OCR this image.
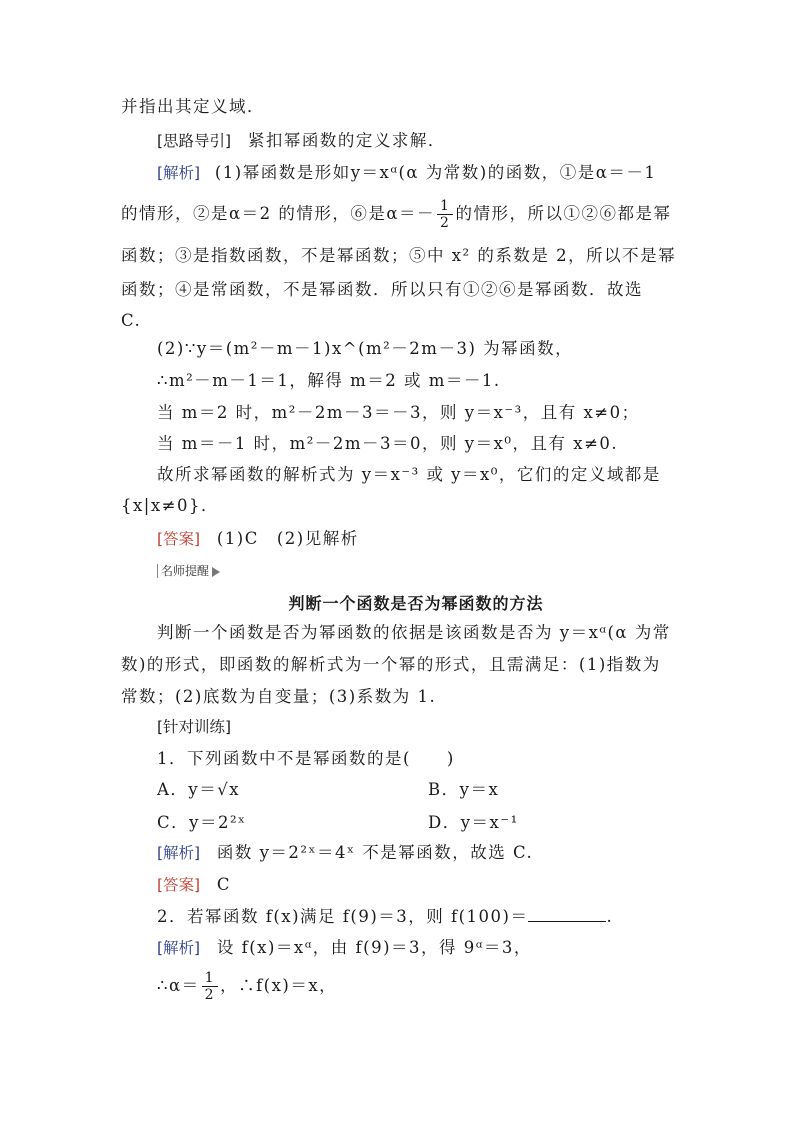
并指出其定义域．
[思路导引] 紧扣幂函数的定义求解．
[解析] (1)幂函数是形如y＝xᵅ(α 为常数)的函数，①是α＝－1
的情形，②是α＝2 的情形，⑥是$\alpha=- \frac{1}{2}$ 的情形，所以①②⑥都是幂
函数；③是指数函数，不是幂函数；⑤中 x² 的系数是 2，所以不是幂
函数；④是常函数，不是幂函数．所以只有①②⑥是幂函数．故选
C.
(2)∵y＝(m²－m－1)x^(m²－2m－3) 为幂函数，
∴m²－m－1＝1，解得 m＝2 或 m＝－1.
当 m＝2 时，m²－2m－3＝－3，则 y＝x⁻³，且有 x≠0；
当 m＝－1 时，m²－2m－3＝0，则 y＝x⁰，且有 x≠0.
故所求幂函数的解析式为 y＝x⁻³ 或 y＝x⁰，它们的定义域都是
{x|x≠0}．
[答案] (1)C　(2)见解析
名师提醒
判断一个函数是否为幂函数的方法
判断一个函数是否为幂函数的依据是该函数是否为 y＝xᵅ(α 为常
数)的形式，即函数的解析式为一个幂的形式，且需满足：(1)指数为
常数；(2)底数为自变量；(3)系数为 1.
[针对训练]
1．下列函数中不是幂函数的是(　　)
A．y＝√x	B．y＝x
C．y＝2²ˣ	D．y＝x⁻¹
[解析] 函数 y＝2²ˣ＝4ˣ 不是幂函数，故选 C.
[答案] C
2．若幂函数 f(x)满足 f(9)＝3，则 f(100)＝	.
[解析] 设 f(x)＝xᵅ，由 f(9)＝3，得 9ᵅ＝3，
∴α＝ $\frac{1}{2}$ ，∴f(x)＝x，
